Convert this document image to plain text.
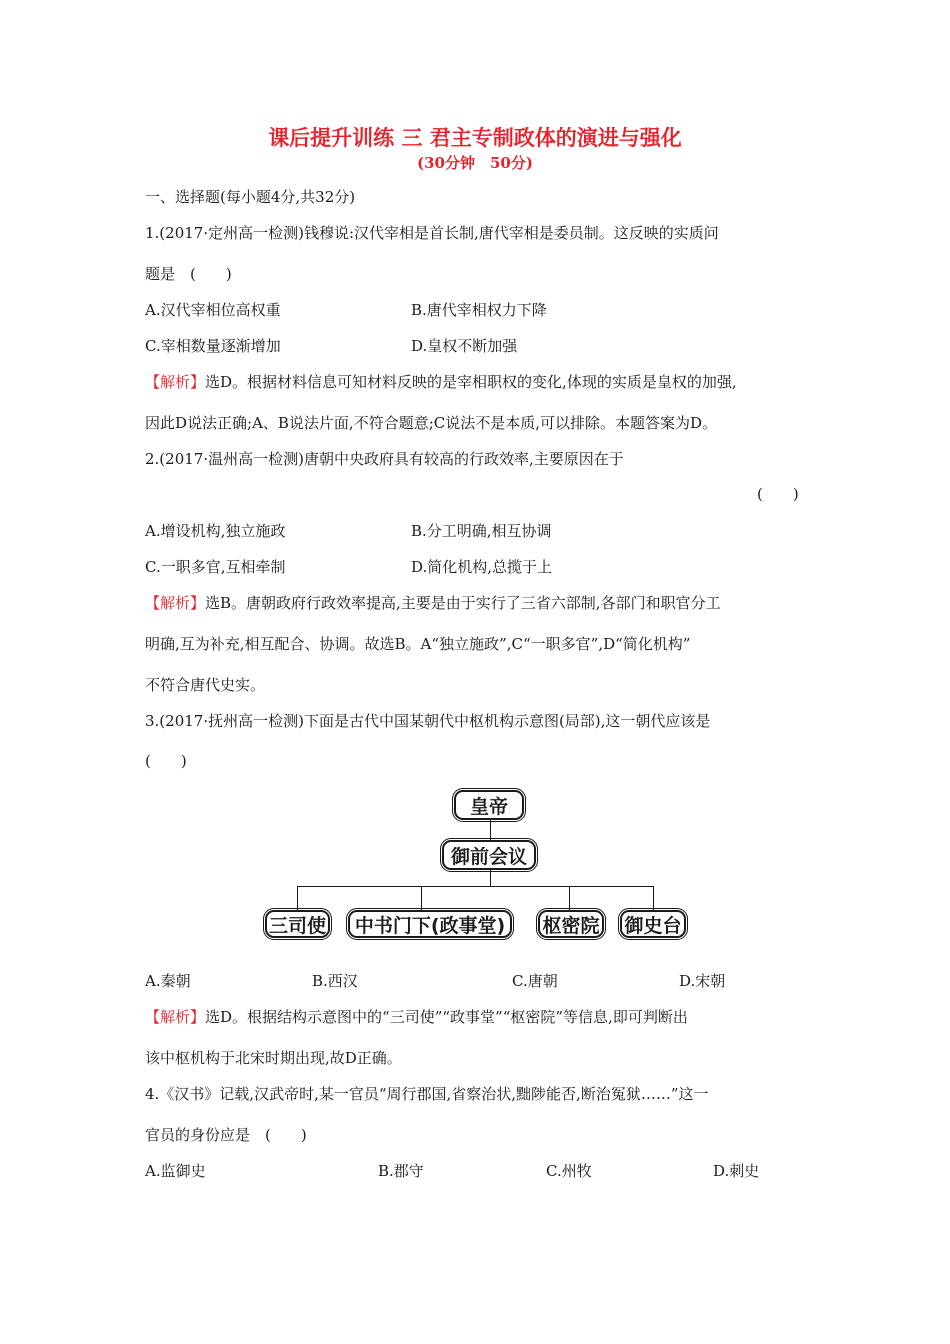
课后提升训练 三 君主专制政体的演进与强化
(30分钟　50分)
一、选择题(每小题4分,共32分)
1.(2017·定州高一检测)钱穆说:汉代宰相是首长制,唐代宰相是委员制。这反映的实质问
题是　(　　)
A.汉代宰相位高权重	B.唐代宰相权力下降
C.宰相数量逐渐增加	D.皇权不断加强
【解析】选D。根据材料信息可知材料反映的是宰相职权的变化,体现的实质是皇权的加强,
因此D说法正确;A、B说法片面,不符合题意;C说法不是本质,可以排除。本题答案为D。
2.(2017·温州高一检测)唐朝中央政府具有较高的行政效率,主要原因在于
(　　)
A.增设机构,独立施政	B.分工明确,相互协调
C.一职多官,互相牵制	D.简化机构,总揽于上
【解析】选B。唐朝政府行政效率提高,主要是由于实行了三省六部制,各部门和职官分工
明确,互为补充,相互配合、协调。故选B。A“独立施政”,C“一职多官”,D“简化机构”
不符合唐代史实。
3.(2017·抚州高一检测)下面是古代中国某朝代中枢机构示意图(局部),这一朝代应该是
(　　)
皇帝
御前会议
三司使	中书门下(政事堂)	枢密院 御史台
A.秦朝	B.西汉	C.唐朝	D.宋朝
【解析】选D。根据结构示意图中的“三司使”“政事堂”“枢密院”等信息,即可判断出
该中枢机构于北宋时期出现,故D正确。
4.《汉书》记载,汉武帝时,某一官员“周行郡国,省察治状,黜陟能否,断治冤狱……”这一
官员的身份应是　(　　)
A.监御史	B.郡守	C.州牧	D.刺史
